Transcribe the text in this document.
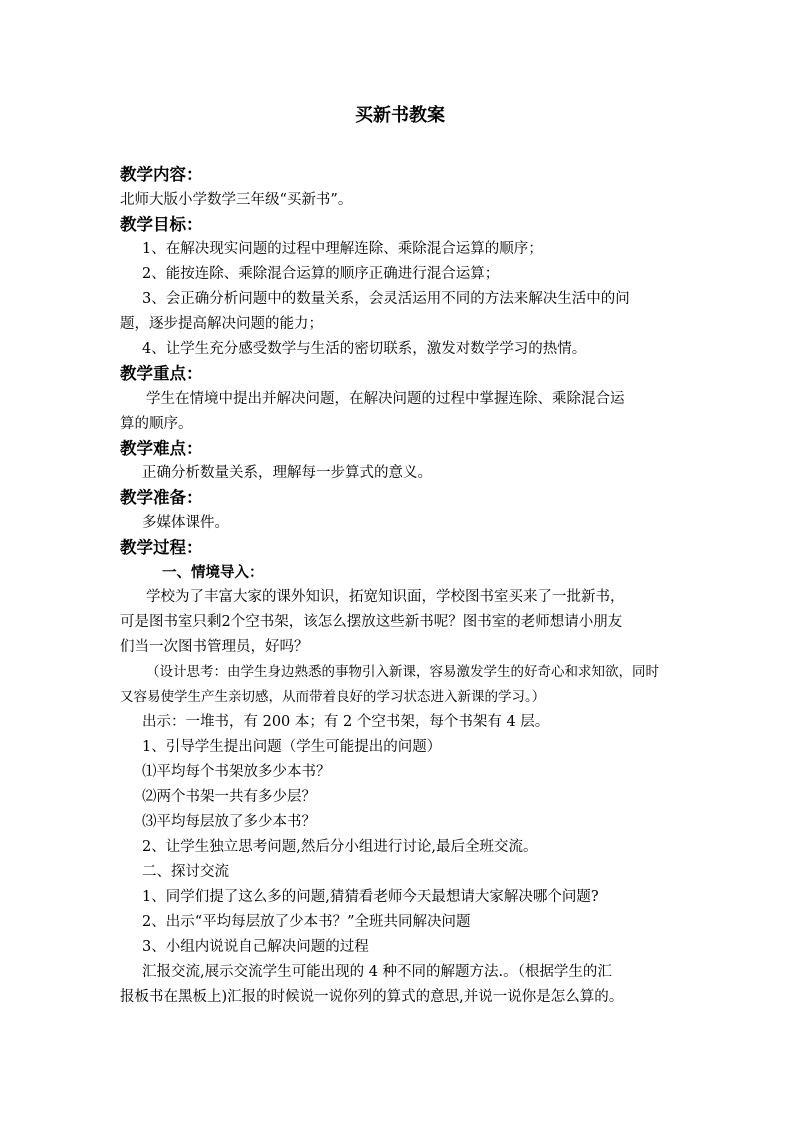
买新书教案
教学内容：
北师大版小学数学三年级“买新书”。
教学目标：
1、在解决现实问题的过程中理解连除、乘除混合运算的顺序；
2、能按连除、乘除混合运算的顺序正确进行混合运算；
3、会正确分析问题中的数量关系，会灵活运用不同的方法来解决生活中的问
题，逐步提高解决问题的能力；
4、让学生充分感受数学与生活的密切联系，激发对数学学习的热情。
教学重点：
学生在情境中提出并解决问题，在解决问题的过程中掌握连除、乘除混合运
算的顺序。
教学难点：
正确分析数量关系，理解每一步算式的意义。
教学准备：
多媒体课件。
教学过程：
一、情境导入：
学校为了丰富大家的课外知识，拓宽知识面，学校图书室买来了一批新书，
可是图书室只剩2个空书架，该怎么摆放这些新书呢？图书室的老师想请小朋友
们当一次图书管理员，好吗？
（设计思考：由学生身边熟悉的事物引入新课，容易激发学生的好奇心和求知欲，同时
又容易使学生产生亲切感，从而带着良好的学习状态进入新课的学习。）
出示：一堆书，有 200 本；有 2 个空书架，每个书架有 4 层。
1、引导学生提出问题（学生可能提出的问题）
⑴平均每个书架放多少本书？
⑵两个书架一共有多少层？
⑶平均每层放了多少本书？
2、让学生独立思考问题,然后分小组进行讨论,最后全班交流。
二、探讨交流
1、同学们提了这么多的问题,猜猜看老师今天最想请大家解决哪个问题?
2、出示“平均每层放了少本书？”全班共同解决问题
3、小组内说说自己解决问题的过程
汇报交流,展示交流学生可能出现的 4 种不同的解题方法.。（根据学生的汇
报板书在黑板上)汇报的时候说一说你列的算式的意思,并说一说你是怎么算的。
